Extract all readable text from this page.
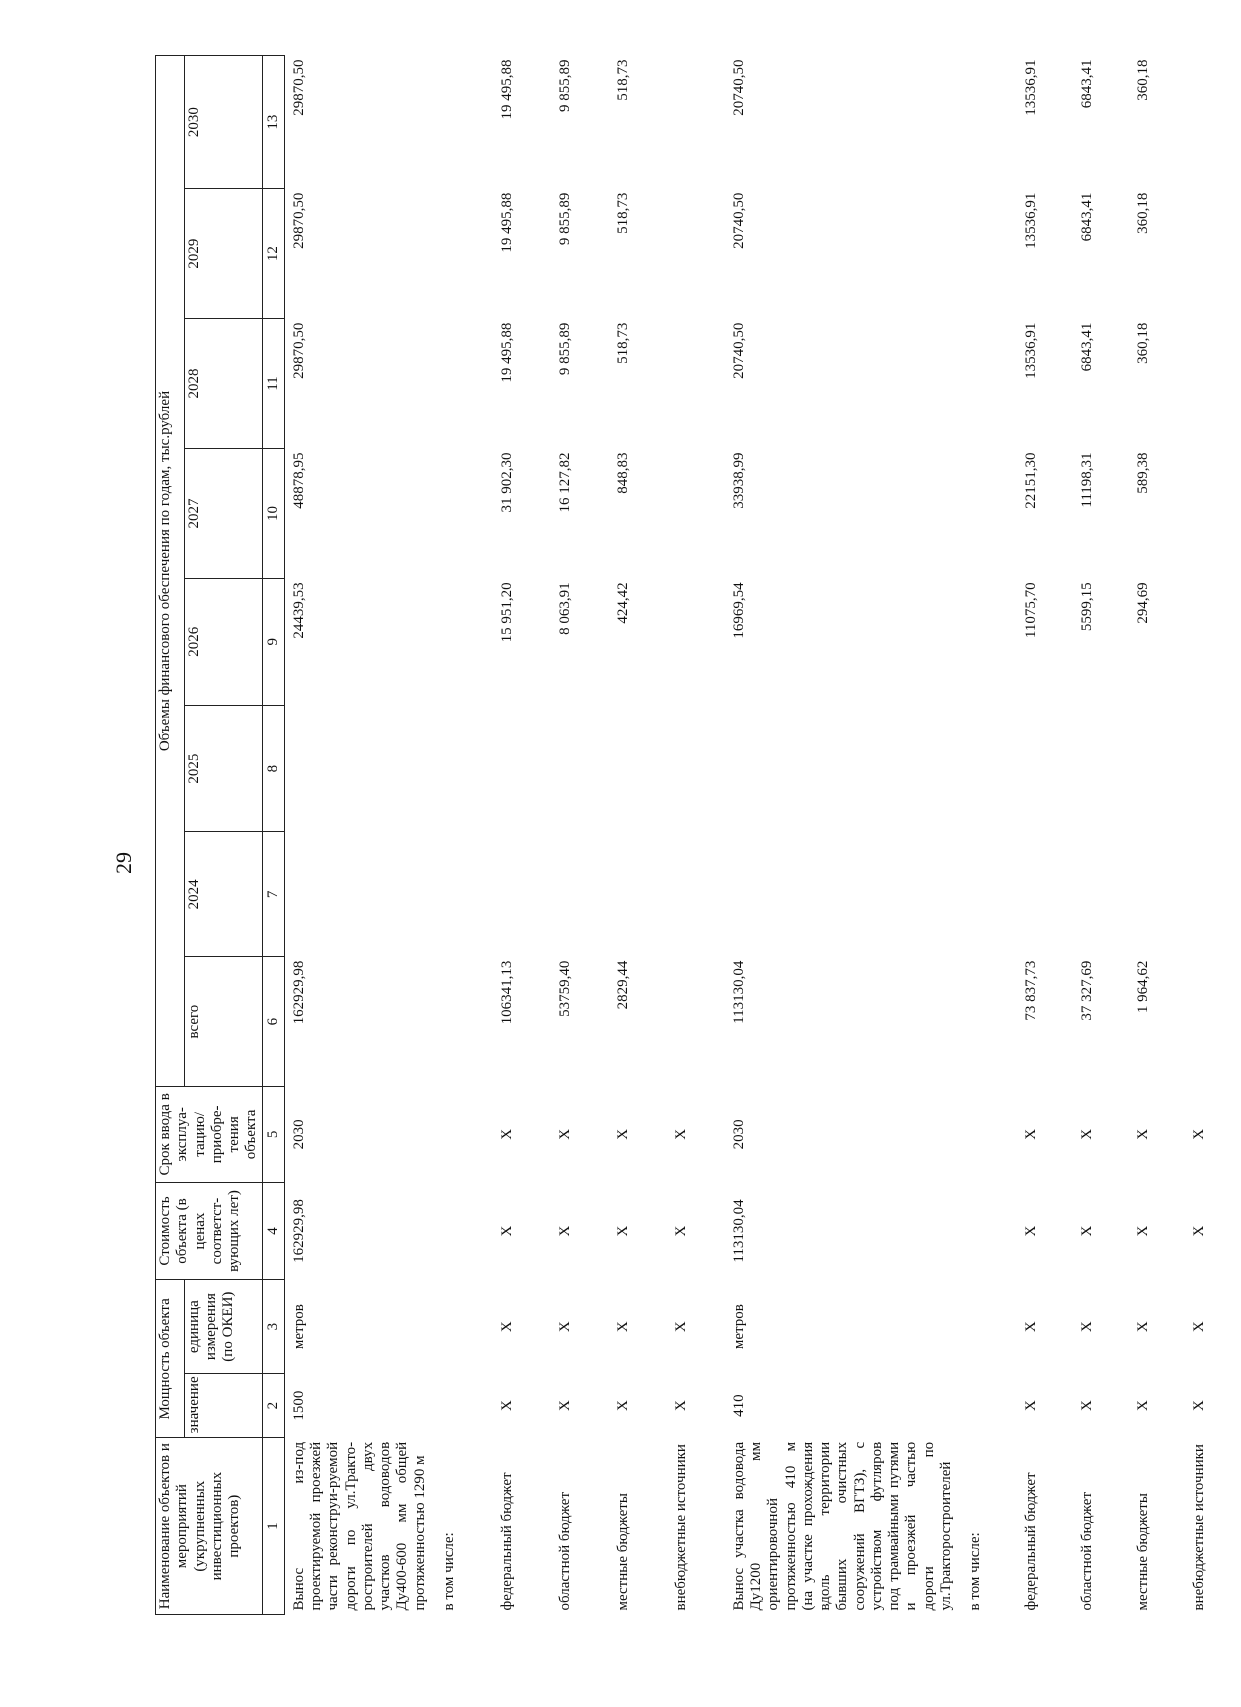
29
Наименование объектов и мероприятий (укрупненных инвестиционных проектов)	Мощность объекта		Стоимость объекта (в ценах соответст-вующих лет)	Срок ввода в эксплуа-тацию/ приобре-тения объекта	Объемы финансового обеспечения по годам, тыс.рублей							
	значение	единица измерения (по ОКЕИ)			всего	2024	2025	2026	2027	2028	2029	2030
1	2	3	4	5	6	7	8	9	10	11	12	13
Вынос из-под проектируемой проезжей части реконструи-руемой дороги по ул.Тракто-ростроителей двух участков водоводов Ду400-600 мм общей протяженностью 1290 м	1500	метров	162929,98	2030	162929,98			24439,53	48878,95	29870,50	29870,50	29870,50
в том числе:												
федеральный бюджет	X	X	X	X	106341,13			15 951,20	31 902,30	19 495,88	19 495,88	19 495,88
областной бюджет	X	X	X	X	53759,40			8 063,91	16 127,82	9 855,89	9 855,89	9 855,89
местные бюджеты	X	X	X	X	2829,44			424,42	848,83	518,73	518,73	518,73
внебюджетные источники	X	X	X	X								
Вынос участка водовода Ду1200 мм ориентировочной протяженностью 410 м (на участке прохождения вдоль территории бывших очистных сооружений ВГТЗ), с устройством футляров под трамвайными путями и проезжей частью дороги по ул.Тракторостроителей	410	метров	113130,04	2030	113130,04			16969,54	33938,99	20740,50	20740,50	20740,50
в том числе:												
федеральный бюджет	X	X	X	X	73 837,73			11075,70	22151,30	13536,91	13536,91	13536,91
областной бюджет	X	X	X	X	37 327,69			5599,15	11198,31	6843,41	6843,41	6843,41
местные бюджеты	X	X	X	X	1 964,62			294,69	589,38	360,18	360,18	360,18
внебюджетные источники	X	X	X	X								
